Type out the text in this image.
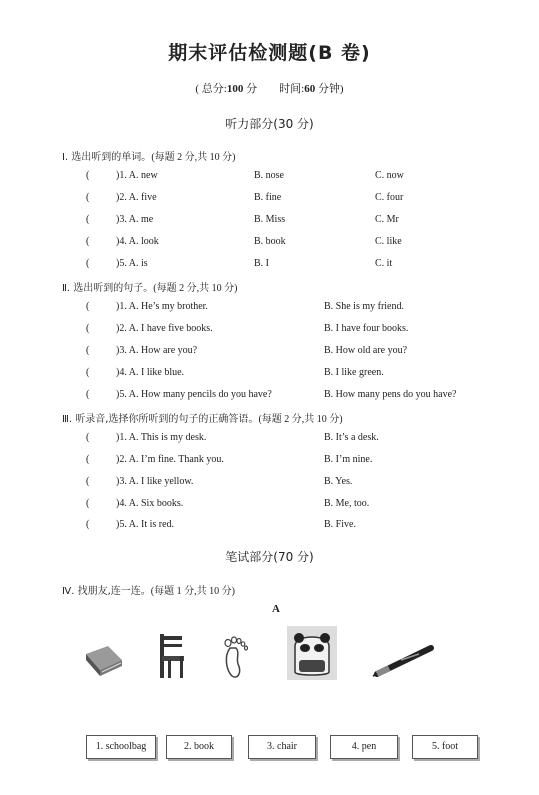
期末评估检测题(B 卷)
( 总分:100 分 时间:60 分钟)
听力部分(30 分)
Ⅰ. 选出听到的单词。(每题 2 分,共 10 分)
(	)1. A. new	B. nose	C. now
(	)2. A. five	B. fine	C. four
(	)3. A. me	B. Miss	C. Mr
(	)4. A. look	B. book	C. like
(	)5. A. is	B. I	C. it
Ⅱ. 选出听到的句子。(每题 2 分,共 10 分)
(	)1. A. He’s my brother.	B. She is my friend.
(	)2. A. I have five books.	B. I have four books.
(	)3. A. How are you?	B. How old are you?
(	)4. A. I like blue.	B. I like green.
(	)5. A. How many pencils do you have?	B. How many pens do you have?
Ⅲ. 听录音,选择你所听到的句子的正确答语。(每题 2 分,共 10 分)
(	)1. A. This is my desk.	B. It’s a desk.
(	)2. A. I’m fine. Thank you.	B. I’m nine.
(	)3. A. I like yellow.	B. Yes.
(	)4. A. Six books.	B. Me, too.
(	)5. A. It is red.	B. Five.
笔试部分(70 分)
Ⅳ. 找朋友,连一连。(每题 1 分,共 10 分)
A
1. schoolbag	2. book	3. chair	4. pen	5. foot
